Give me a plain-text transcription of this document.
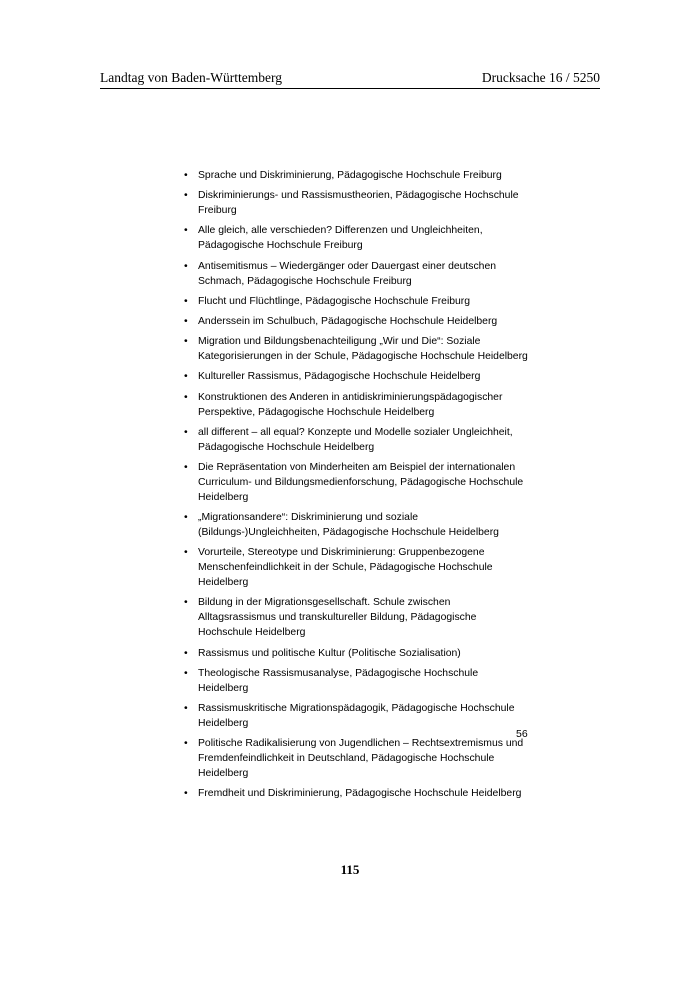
Landtag von Baden-Württemberg	Drucksache 16 / 5250
• Sprache und Diskriminierung, Pädagogische Hochschule Freiburg
• Diskriminierungs- und Rassismustheorien, Pädagogische Hochschule Freiburg
• Alle gleich, alle verschieden? Differenzen und Ungleichheiten, Pädagogische Hochschule Freiburg
• Antisemitismus – Wiedergänger oder Dauergast einer deutschen Schmach, Pädagogische Hochschule Freiburg
• Flucht und Flüchtlinge, Pädagogische Hochschule Freiburg
• Anderssein im Schulbuch, Pädagogische Hochschule Heidelberg
• Migration und Bildungsbenachteiligung „Wir und Die“: Soziale Kategorisierungen in der Schule, Pädagogische Hochschule Heidelberg
• Kultureller Rassismus, Pädagogische Hochschule Heidelberg
• Konstruktionen des Anderen in antidiskriminierungspädagogischer Perspektive, Pädagogische Hochschule Heidelberg
• all different – all equal? Konzepte und Modelle sozialer Ungleichheit, Pädagogische Hochschule Heidelberg
• Die Repräsentation von Minderheiten am Beispiel der internationalen Curriculum- und Bildungsmedienforschung, Pädagogische Hochschule Heidelberg
• „Migrationsandere“: Diskriminierung und soziale (Bildungs-)Ungleichheiten, Pädagogische Hochschule Heidelberg
• Vorurteile, Stereotype und Diskriminierung: Gruppenbezogene Menschenfeindlichkeit in der Schule, Pädagogische Hochschule Heidelberg
• Bildung in der Migrationsgesellschaft. Schule zwischen Alltagsrassismus und transkultureller Bildung, Pädagogische Hochschule Heidelberg
• Rassismus und politische Kultur (Politische Sozialisation)
• Theologische Rassismusanalyse, Pädagogische Hochschule Heidelberg
• Rassismuskritische Migrationspädagogik, Pädagogische Hochschule Heidelberg
• Politische Radikalisierung von Jugendlichen – Rechtsextremismus und Fremdenfeindlichkeit in Deutschland, Pädagogische Hochschule Heidelberg
• Fremdheit und Diskriminierung, Pädagogische Hochschule Heidelberg
56
115
